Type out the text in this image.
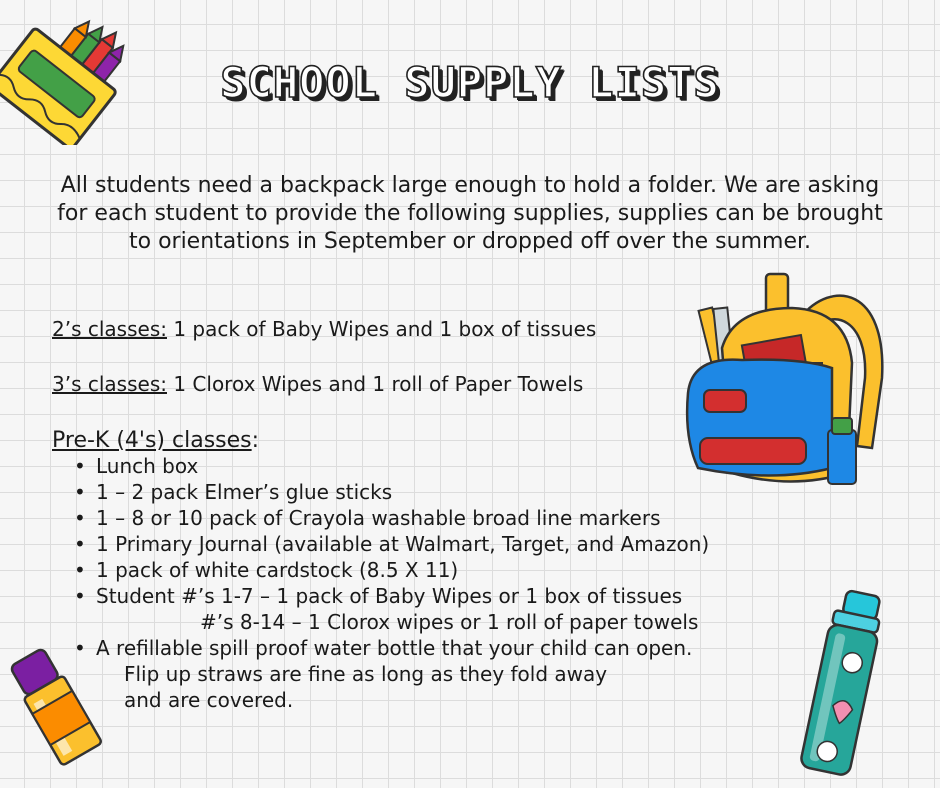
SCHOOL SUPPLY LISTS

All students need a backpack large enough to hold a folder. We are asking for each student to provide the following supplies, supplies can be brought to orientations in September or dropped off over the summer.

2’s classes: 1 pack of Baby Wipes and 1 box of tissues

3’s classes: 1 Clorox Wipes and 1 roll of Paper Towels

Pre-K (4's) classes:

• Lunch box
• 1 – 2 pack Elmer’s glue sticks
• 1 – 8 or 10 pack of Crayola washable broad line markers
• 1 Primary Journal (available at Walmart, Target, and Amazon)
• 1 pack of white cardstock (8.5 X 11)
• Student #’s 1-7 – 1 pack of Baby Wipes or 1 box of tissues
#’s 8-14 – 1 Clorox wipes or 1 roll of paper towels
• A refillable spill proof water bottle that your child can open.
Flip up straws are fine as long as they fold away
and are covered.
